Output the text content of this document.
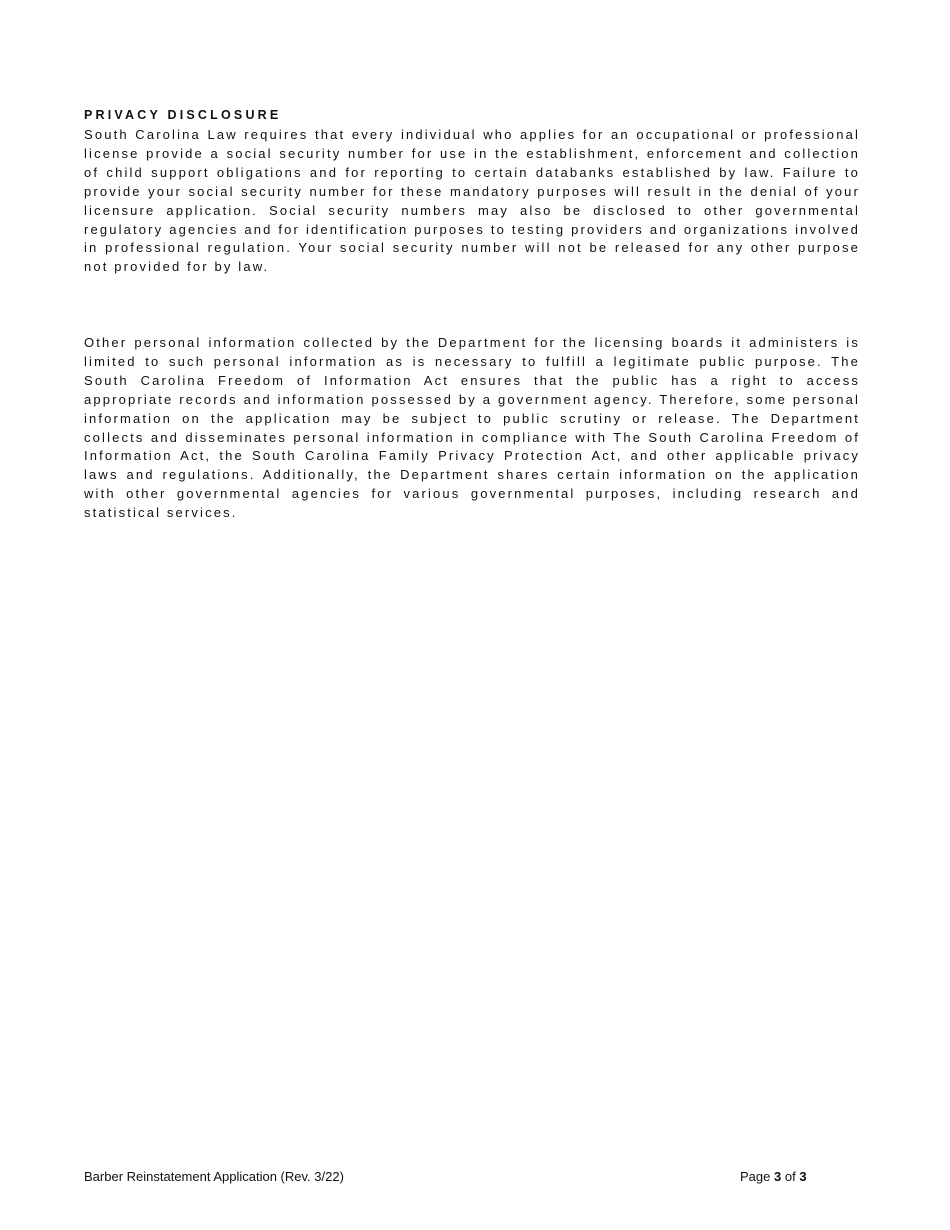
PRIVACY DISCLOSURE

South Carolina Law requires that every individual who applies for an occupational or professional license provide a social security number for use in the establishment, enforcement and collection of child support obligations and for reporting to certain databanks established by law. Failure to provide your social security number for these mandatory purposes will result in the denial of your licensure application. Social security numbers may also be disclosed to other governmental regulatory agencies and for identification purposes to testing providers and organizations involved in professional regulation. Your social security number will not be released for any other purpose not provided for by law.

Other personal information collected by the Department for the licensing boards it administers is limited to such personal information as is necessary to fulfill a legitimate public purpose. The South Carolina Freedom of Information Act ensures that the public has a right to access appropriate records and information possessed by a government agency. Therefore, some personal information on the application may be subject to public scrutiny or release. The Department collects and disseminates personal information in compliance with The South Carolina Freedom of Information Act, the South Carolina Family Privacy Protection Act, and other applicable privacy laws and regulations. Additionally, the Department shares certain information on the application with other governmental agencies for various governmental purposes, including research and statistical services.

Barber Reinstatement Application (Rev. 3/22)	Page 3 of 3
